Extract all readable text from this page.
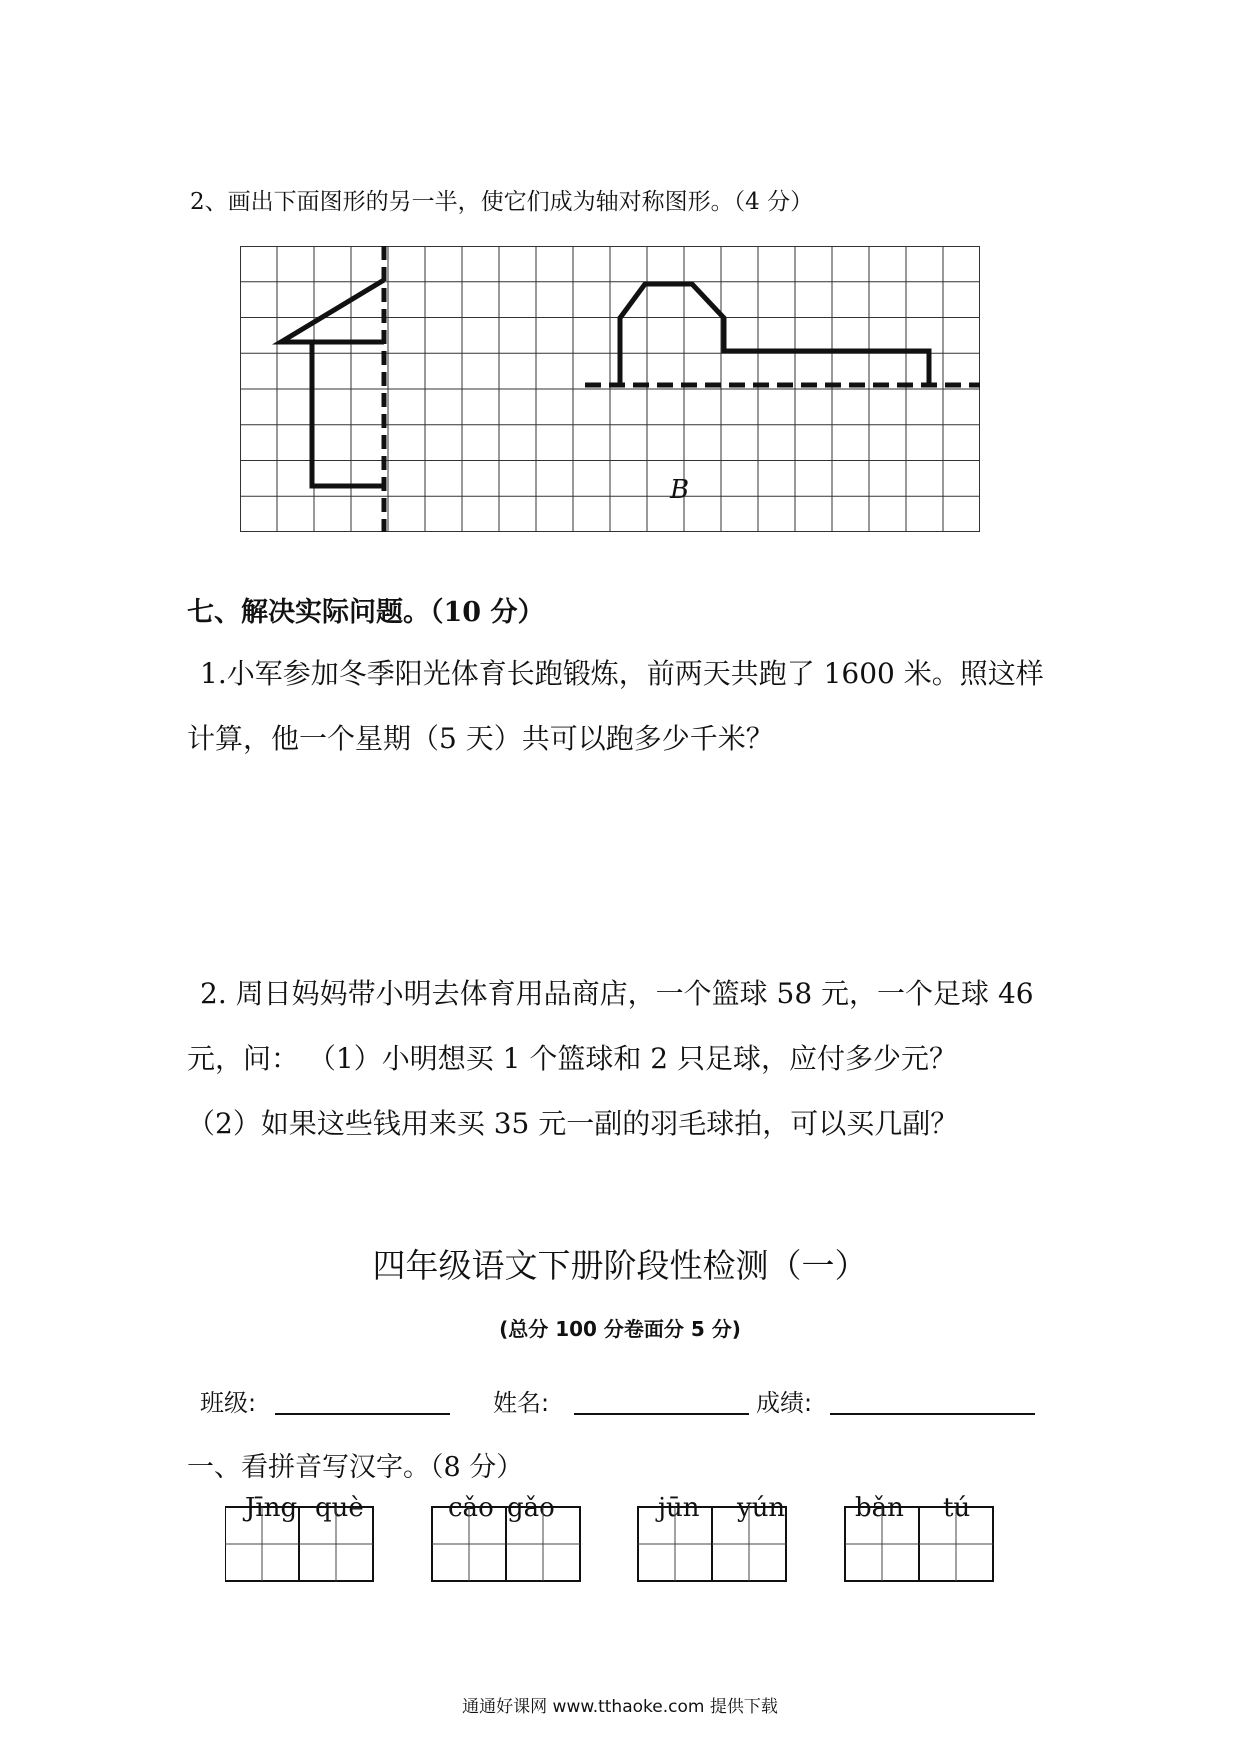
2、画出下面图形的另一半，使它们成为轴对称图形。（4 分）
B
七、解决实际问题。（10 分）
1.小军参加冬季阳光体育长跑锻炼，前两天共跑了 1600 米。照这样
计算，他一个星期（5 天）共可以跑多少千米？
2. 周日妈妈带小明去体育用品商店，一个篮球 58 元，一个足球 46
元，问： （1）小明想买 1 个篮球和 2 只足球，应付多少元？
（2）如果这些钱用来买 35 元一副的羽毛球拍，可以买几副？
四年级语文下册阶段性检测（一）
(总分 100 分卷面分 5 分)
班级:	姓名:	成绩:
一、看拼音写汉字。（8 分）
Jīng què	cǎo gǎo	jūn yún	bǎn tú
通通好课网 www.tthaoke.com 提供下载
